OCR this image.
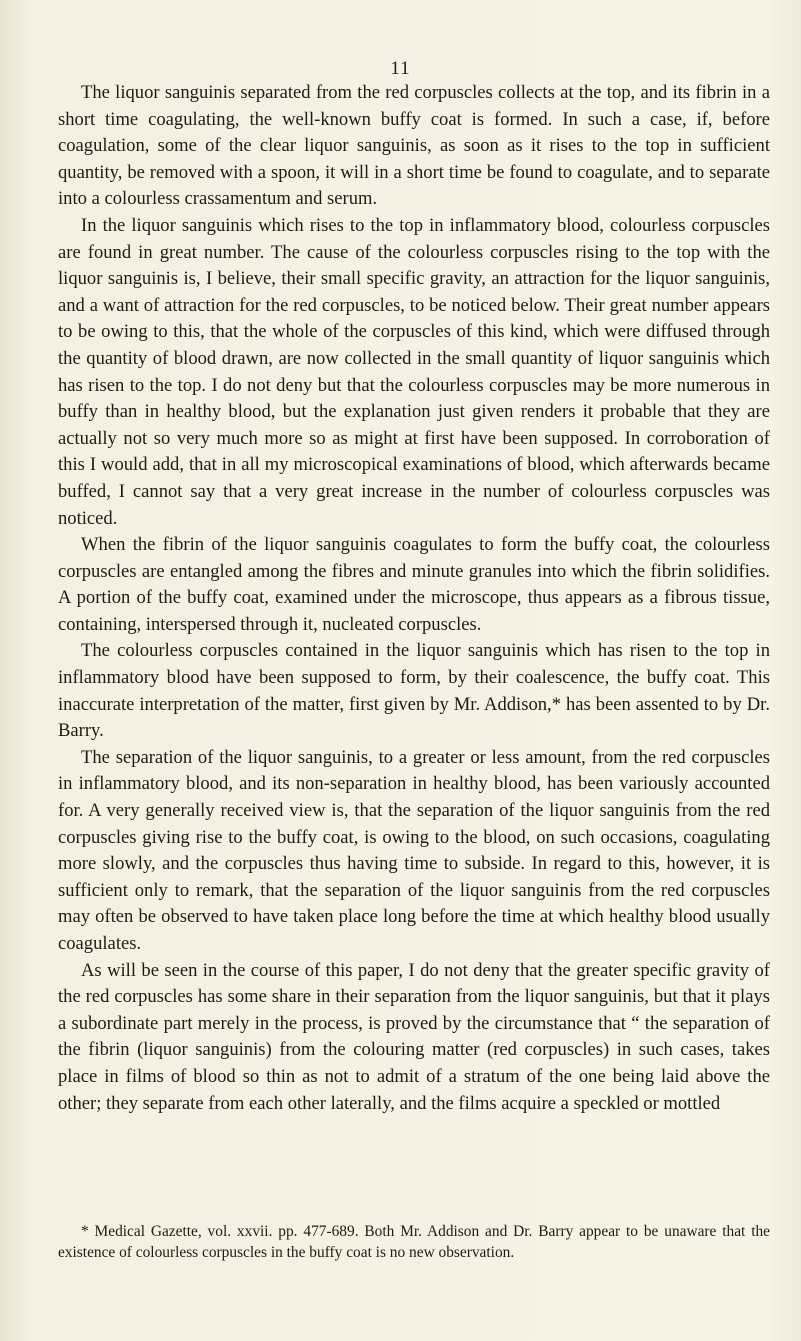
11

The liquor sanguinis separated from the red corpuscles collects at the top, and its fibrin in a short time coagulating, the well-known buffy coat is formed. In such a case, if, before coagulation, some of the clear liquor sanguinis, as soon as it rises to the top in sufficient quantity, be removed with a spoon, it will in a short time be found to coagulate, and to separate into a colourless crassamentum and serum.

In the liquor sanguinis which rises to the top in inflammatory blood, colourless corpuscles are found in great number. The cause of the colourless corpuscles rising to the top with the liquor sanguinis is, I believe, their small specific gravity, an attraction for the liquor sanguinis, and a want of attraction for the red corpuscles, to be noticed below. Their great number appears to be owing to this, that the whole of the corpuscles of this kind, which were diffused through the quantity of blood drawn, are now collected in the small quantity of liquor sanguinis which has risen to the top. I do not deny but that the colourless corpuscles may be more numerous in buffy than in healthy blood, but the explanation just given renders it probable that they are actually not so very much more so as might at first have been supposed. In corroboration of this I would add, that in all my microscopical examinations of blood, which afterwards became buffed, I cannot say that a very great increase in the number of colourless corpuscles was noticed.

When the fibrin of the liquor sanguinis coagulates to form the buffy coat, the colourless corpuscles are entangled among the fibres and minute granules into which the fibrin solidifies. A portion of the buffy coat, examined under the microscope, thus appears as a fibrous tissue, containing, interspersed through it, nucleated corpuscles.

The colourless corpuscles contained in the liquor sanguinis which has risen to the top in inflammatory blood have been supposed to form, by their coalescence, the buffy coat. This inaccurate interpretation of the matter, first given by Mr. Addison,* has been assented to by Dr. Barry.

The separation of the liquor sanguinis, to a greater or less amount, from the red corpuscles in inflammatory blood, and its non-separation in healthy blood, has been variously accounted for. A very generally received view is, that the separation of the liquor sanguinis from the red corpuscles giving rise to the buffy coat, is owing to the blood, on such occasions, coagulating more slowly, and the corpuscles thus having time to subside. In regard to this, however, it is sufficient only to remark, that the separation of the liquor sanguinis from the red corpuscles may often be observed to have taken place long before the time at which healthy blood usually coagulates.

As will be seen in the course of this paper, I do not deny that the greater specific gravity of the red corpuscles has some share in their separation from the liquor sanguinis, but that it plays a subordinate part merely in the process, is proved by the circumstance that “ the separation of the fibrin (liquor sanguinis) from the colouring matter (red corpuscles) in such cases, takes place in films of blood so thin as not to admit of a stratum of the one being laid above the other; they separate from each other laterally, and the films acquire a speckled or mottled

* Medical Gazette, vol. xxvii. pp. 477-689. Both Mr. Addison and Dr. Barry appear to be unaware that the existence of colourless corpuscles in the buffy coat is no new observation.
